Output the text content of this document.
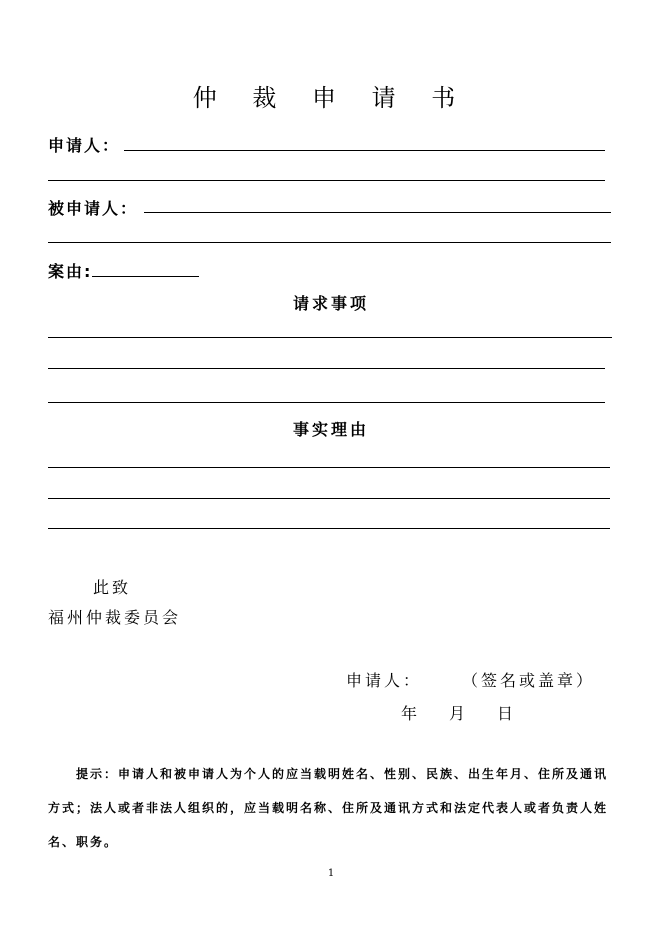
仲 裁 申 请 书
申请人：
被申请人：
案由:
请求事项
事实理由
此致
福州仲裁委员会
申请人： （签名或盖章）
年 月 日
提示：申请人和被申请人为个人的应当载明姓名、性别、民族、出生年月、住所及通讯方式；法人或者非法人组织的，应当载明名称、住所及通讯方式和法定代表人或者负责人姓名、职务。
1
